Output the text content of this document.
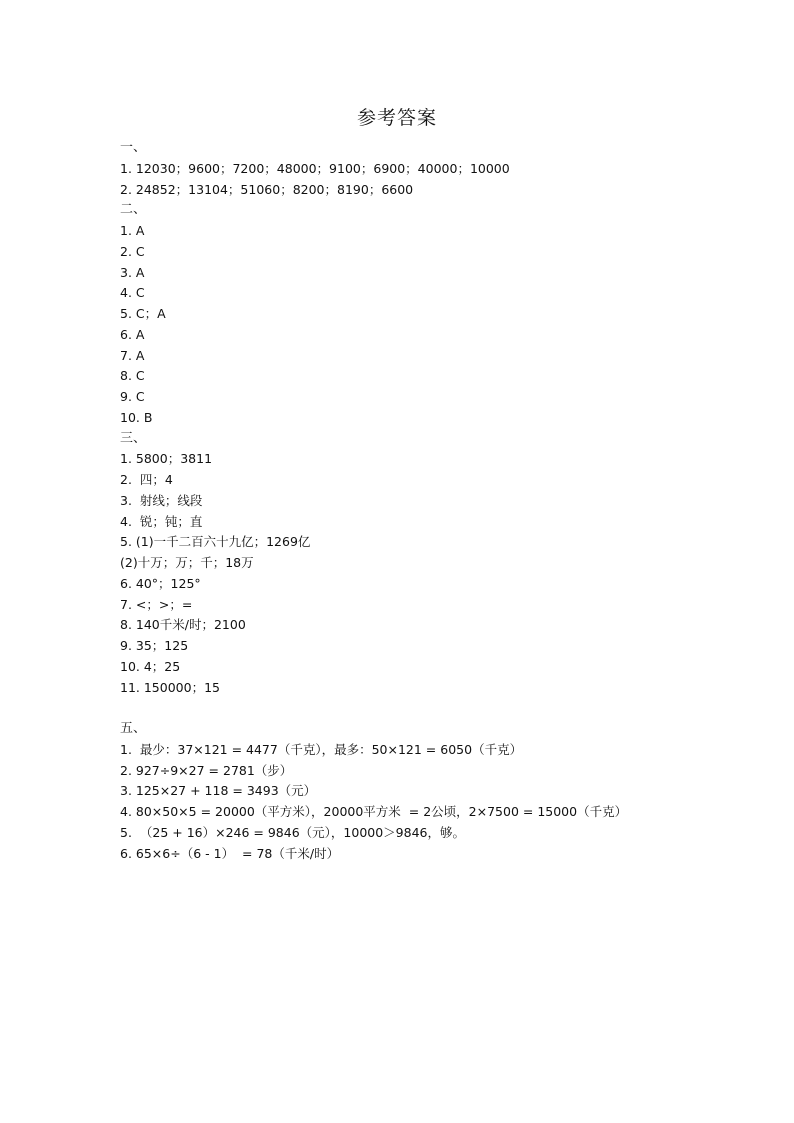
参考答案
一、
1. 12030；9600；7200；48000；9100；6900；40000；10000
2. 24852；13104；51060；8200；8190；6600
二、
1. A
2. C
3. A
4. C
5. C；A
6. A
7. A
8. C
9. C
10. B
三、
1. 5800；3811
2.  四；4
3.  射线；线段
4.  锐；钝；直
5. (1)一千二百六十九亿；1269亿
(2)十万；万；千；18万
6. 40°；125°
7. <；>；=
8. 140千米/时；2100
9. 35；125
10. 4；25
11. 150000；15
五、
1.  最少：37×121 = 4477（千克），最多：50×121 = 6050（千克）
2. 927÷9×27 = 2781（步）
3. 125×27 + 118 = 3493（元）
4. 80×50×5 = 20000（平方米），20000平方米  = 2公顷，2×7500 = 15000（千克）
5.  （25 + 16）×246 = 9846（元），10000＞9846，够。
6. 65×6÷（6 - 1）  = 78（千米/时）
